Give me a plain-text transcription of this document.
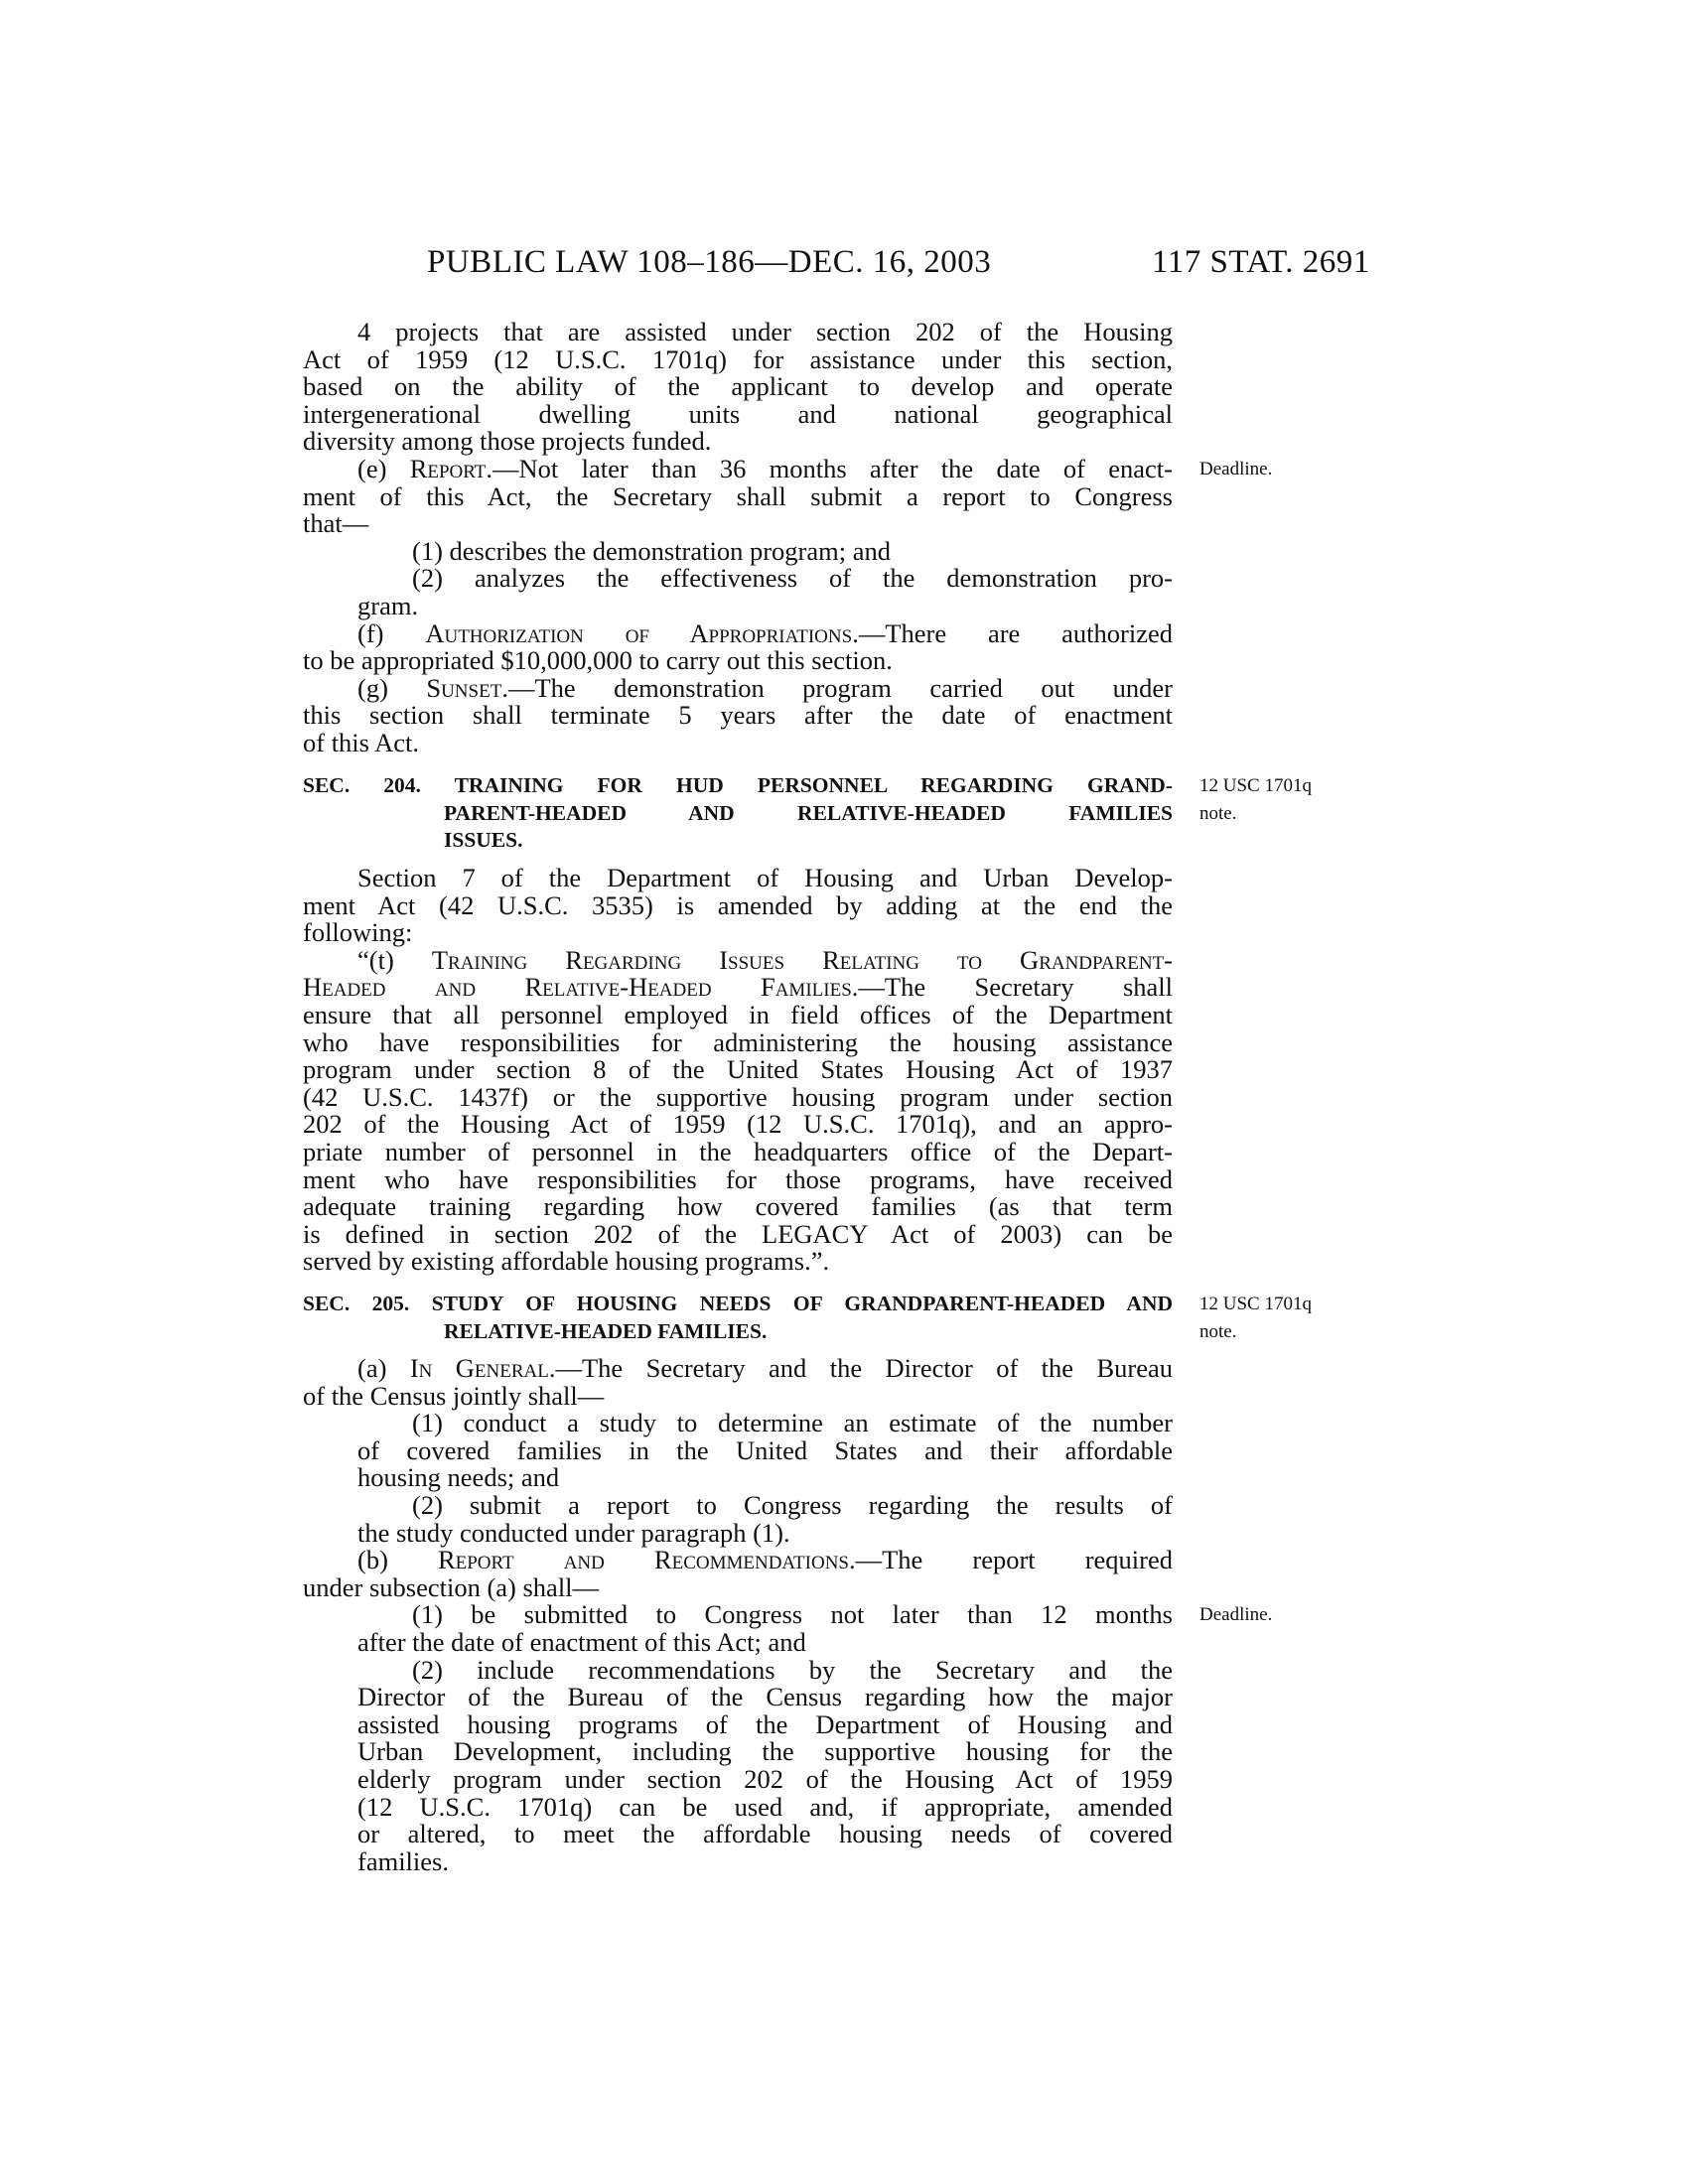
PUBLIC LAW 108–186—DEC. 16, 2003	117 STAT. 2691
4 projects that are assisted under section 202 of the Housing
Act of 1959 (12 U.S.C. 1701q) for assistance under this section,
based on the ability of the applicant to develop and operate
intergenerational dwelling units and national geographical
diversity among those projects funded.
(e) Report.—Not later than 36 months after the date of enact- Deadline.
ment of this Act, the Secretary shall submit a report to Congress
that—
(1) describes the demonstration program; and
(2) analyzes the effectiveness of the demonstration pro-
gram.
(f) Authorization of Appropriations.—There are authorized
to be appropriated $10,000,000 to carry out this section.
(g) Sunset.—The demonstration program carried out under
this section shall terminate 5 years after the date of enactment
of this Act.
SEC. 204. TRAINING FOR HUD PERSONNEL REGARDING GRAND- 12 USC 1701q
PARENT-HEADED AND RELATIVE-HEADED FAMILIES note.
ISSUES.
Section 7 of the Department of Housing and Urban Develop-
ment Act (42 U.S.C. 3535) is amended by adding at the end the
following:
“(t) Training Regarding Issues Relating to Grandparent-
Headed and Relative-Headed Families.—The Secretary shall
ensure that all personnel employed in field offices of the Department
who have responsibilities for administering the housing assistance
program under section 8 of the United States Housing Act of 1937
(42 U.S.C. 1437f) or the supportive housing program under section
202 of the Housing Act of 1959 (12 U.S.C. 1701q), and an appro-
priate number of personnel in the headquarters office of the Depart-
ment who have responsibilities for those programs, have received
adequate training regarding how covered families (as that term
is defined in section 202 of the LEGACY Act of 2003) can be
served by existing affordable housing programs.”.
SEC. 205. STUDY OF HOUSING NEEDS OF GRANDPARENT-HEADED AND 12 USC 1701q
RELATIVE-HEADED FAMILIES.	note.
(a) In General.—The Secretary and the Director of the Bureau
of the Census jointly shall—
(1) conduct a study to determine an estimate of the number
of covered families in the United States and their affordable
housing needs; and
(2) submit a report to Congress regarding the results of
the study conducted under paragraph (1).
(b) Report and Recommendations.—The report required
under subsection (a) shall—
(1) be submitted to Congress not later than 12 months Deadline.
after the date of enactment of this Act; and
(2) include recommendations by the Secretary and the
Director of the Bureau of the Census regarding how the major
assisted housing programs of the Department of Housing and
Urban Development, including the supportive housing for the
elderly program under section 202 of the Housing Act of 1959
(12 U.S.C. 1701q) can be used and, if appropriate, amended
or altered, to meet the affordable housing needs of covered
families.
